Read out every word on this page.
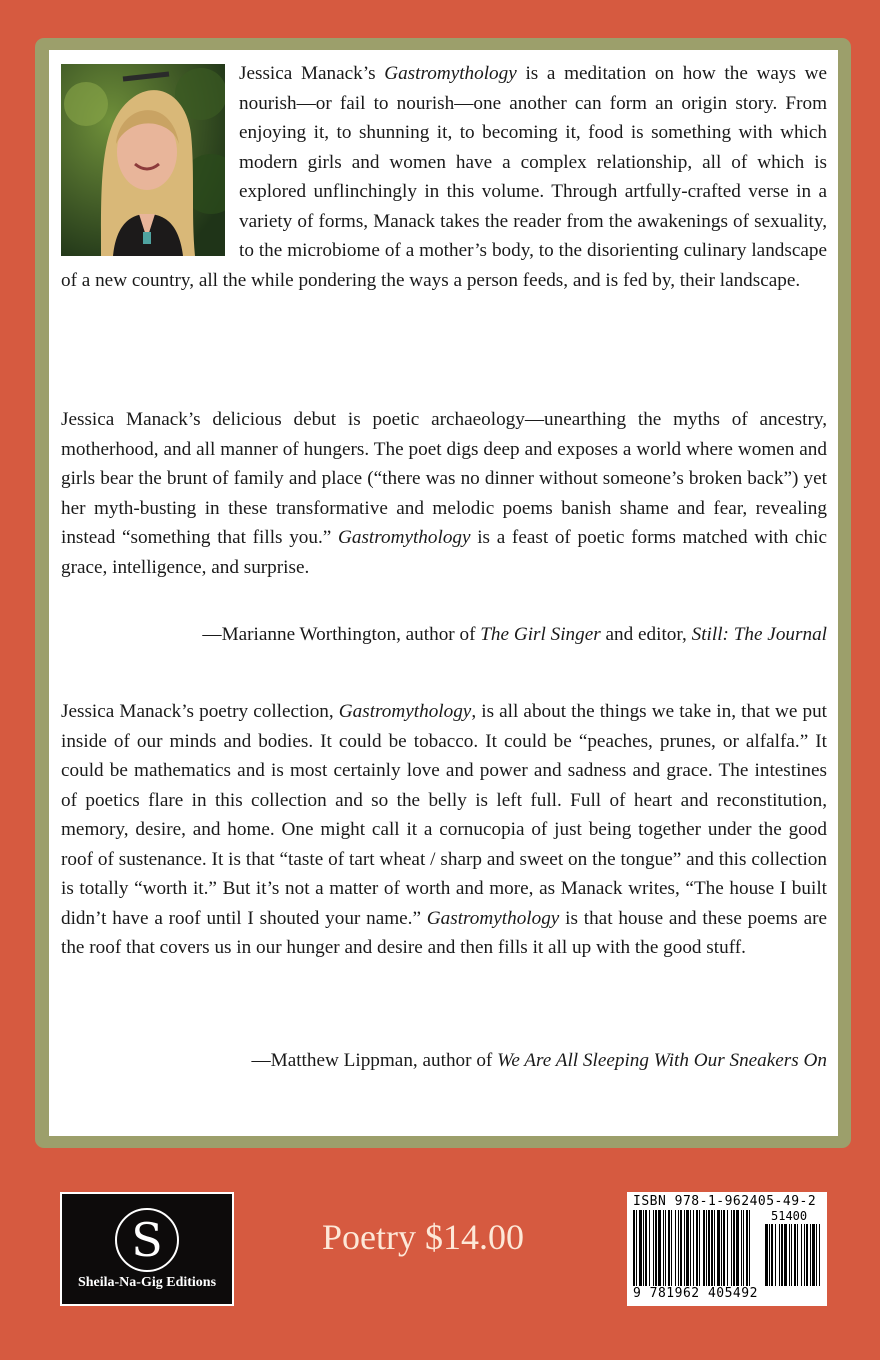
Jessica Manack’s Gastromythology is a meditation on how the ways we nourish—or fail to nourish—one another can form an origin story. From enjoying it, to shunning it, to becoming it, food is something with which modern girls and women have a complex relationship, all of which is explored unflinchingly in this volume. Through artfully-crafted verse in a variety of forms, Manack takes the reader from the awakenings of sexuality, to the microbiome of a mother’s body, to the disorienting culinary landscape of a new country, all the while pondering the ways a person feeds, and is fed by, their landscape.
Jessica Manack’s delicious debut is poetic archaeology—unearthing the myths of ancestry, motherhood, and all manner of hungers. The poet digs deep and exposes a world where women and girls bear the brunt of family and place (“there was no dinner without someone’s broken back”) yet her myth-busting in these transformative and melodic poems banish shame and fear, revealing instead “something that fills you.” Gastromythology is a feast of poetic forms matched with chic grace, intelligence, and surprise.
—Marianne Worthington, author of The Girl Singer and editor, Still: The Journal
Jessica Manack’s poetry collection, Gastromythology, is all about the things we take in, that we put inside of our minds and bodies. It could be tobacco. It could be “peaches, prunes, or alfalfa.” It could be mathematics and is most certainly love and power and sadness and grace. The intestines of poetics flare in this collection and so the belly is left full. Full of heart and reconstitution, memory, desire, and home. One might call it a cornucopia of just being together under the good roof of sustenance. It is that “taste of tart wheat / sharp and sweet on the tongue” and this collection is totally “worth it.” But it’s not a matter of worth and more, as Manack writes, “The house I built didn’t have a roof until I shouted your name.” Gastromythology is that house and these poems are the roof that covers us in our hunger and desire and then fills it all up with the good stuff.
—Matthew Lippman, author of We Are All Sleeping With Our Sneakers On
S
Sheila-Na-Gig Editions
Poetry $14.00
ISBN 978-1-962405-49-2
51400
9 781962 405492
